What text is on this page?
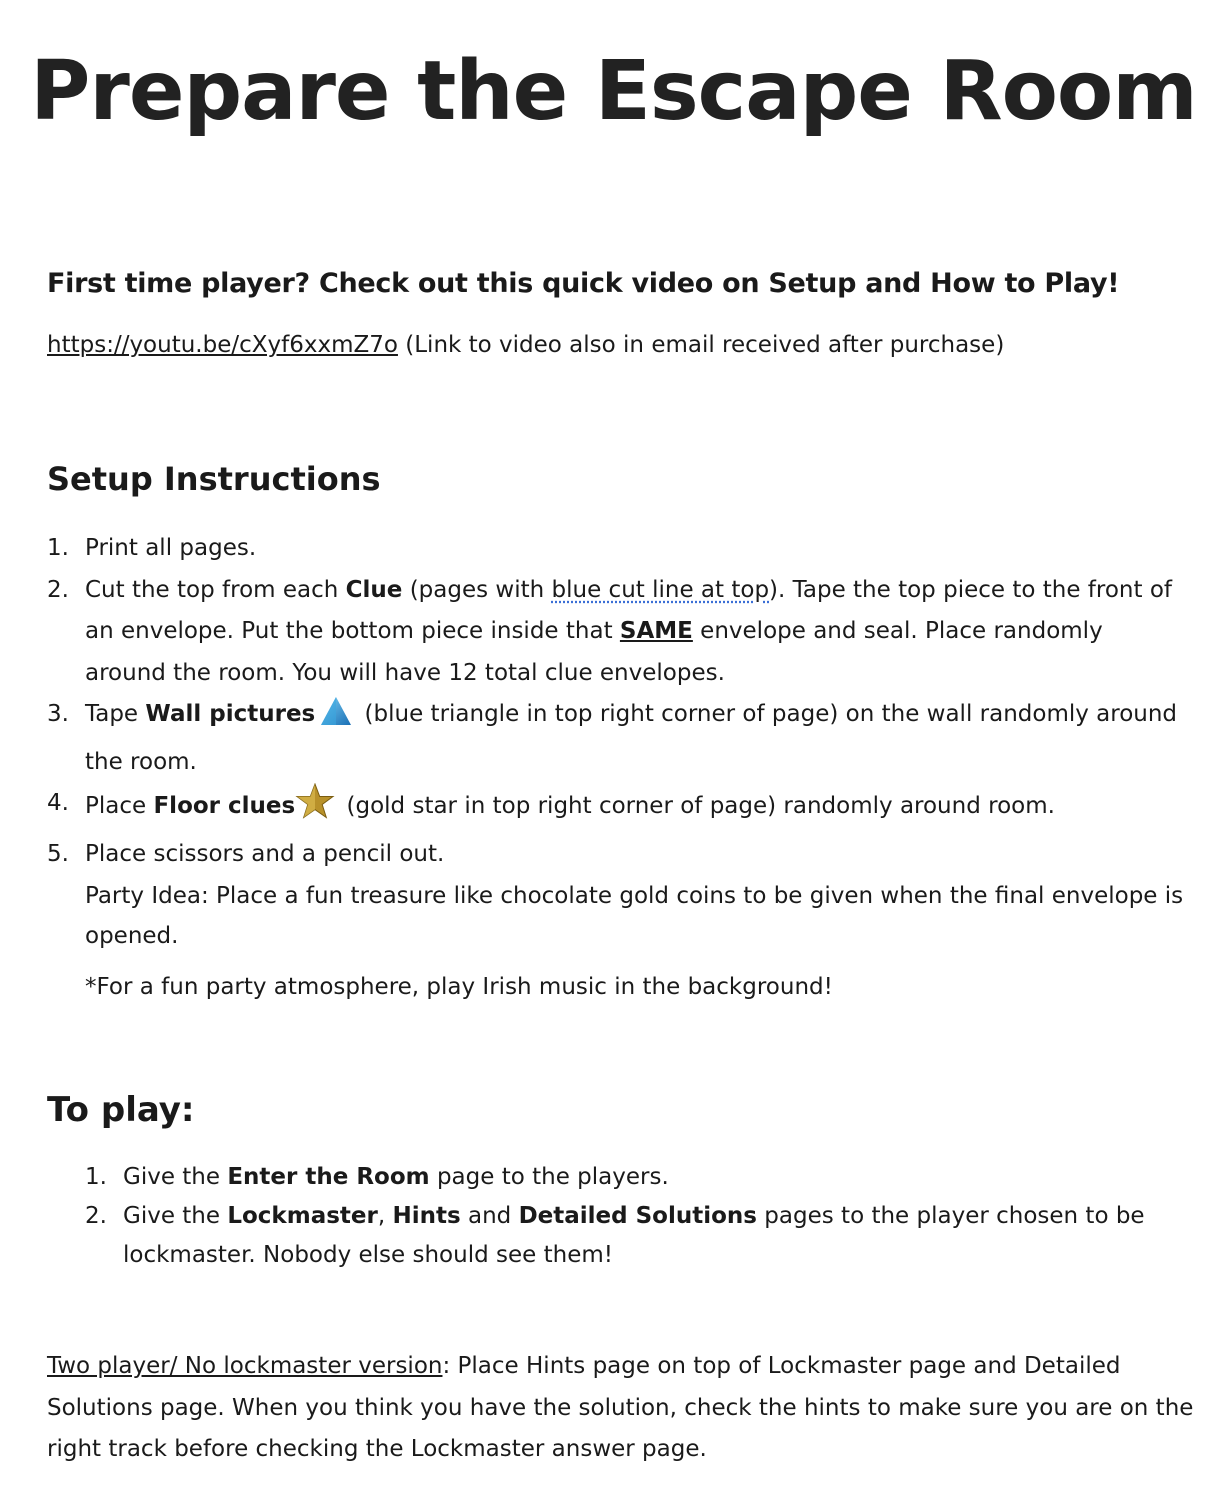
Prepare the Escape Room
First time player? Check out this quick video on Setup and How to Play!
https://youtu.be/cXyf6xxmZ7o (Link to video also in email received after purchase)
Setup Instructions
1. Print all pages.
2. Cut the top from each Clue (pages with blue cut line at top). Tape the top piece to the front of an envelope. Put the bottom piece inside that SAME envelope and seal. Place randomly around the room. You will have 12 total clue envelopes.
3. Tape Wall pictures (blue triangle in top right corner of page) on the wall randomly around the room.
4. Place Floor clues (gold star in top right corner of page) randomly around room.
5. Place scissors and a pencil out.
Party Idea: Place a fun treasure like chocolate gold coins to be given when the final envelope is opened.
*For a fun party atmosphere, play Irish music in the background!
To play:
1. Give the Enter the Room page to the players.
2. Give the Lockmaster, Hints and Detailed Solutions pages to the player chosen to be lockmaster. Nobody else should see them!
Two player/ No lockmaster version: Place Hints page on top of Lockmaster page and Detailed Solutions page. When you think you have the solution, check the hints to make sure you are on the right track before checking the Lockmaster answer page.
